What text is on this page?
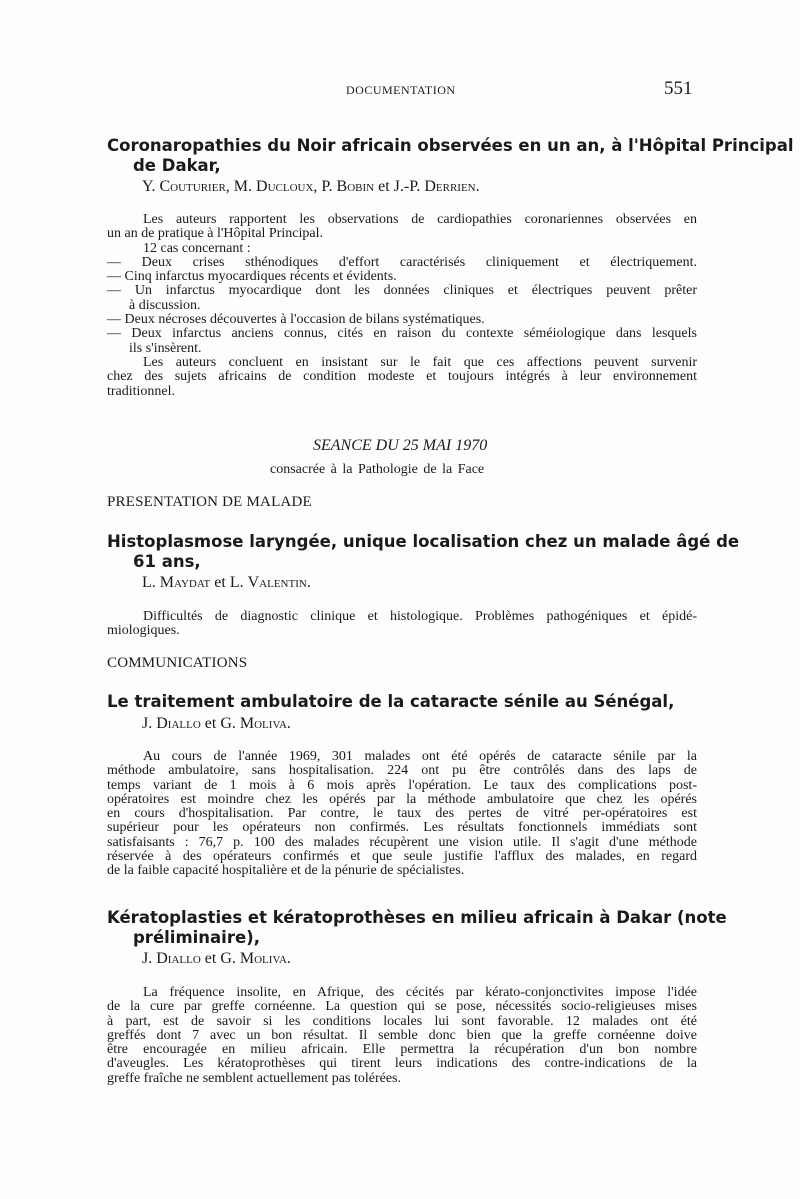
DOCUMENTATION	551
Coronaropathies du Noir africain observées en un an, à l'Hôpital Principal
de Dakar,
Y. Couturier, M. Ducloux, P. Bobin et J.-P. Derrien.
Les auteurs rapportent les observations de cardiopathies coronariennes observées en
un an de pratique à l'Hôpital Principal.
12 cas concernant :
— Deux crises sthénodiques d'effort caractérisés cliniquement et électriquement.
— Cinq infarctus myocardiques récents et évidents.
— Un infarctus myocardique dont les données cliniques et électriques peuvent prêter
à discussion.
— Deux nécroses découvertes à l'occasion de bilans systématiques.
— Deux infarctus anciens connus, cités en raison du contexte séméiologique dans lesquels
ils s'insèrent.
Les auteurs concluent en insistant sur le fait que ces affections peuvent survenir
chez des sujets africains de condition modeste et toujours intégrés à leur environnement
traditionnel.
SEANCE DU 25 MAI 1970
consacrée à la Pathologie de la Face
PRESENTATION DE MALADE
Histoplasmose laryngée, unique localisation chez un malade âgé de
61 ans,
L. Maydat et L. Valentin.
Difficultés de diagnostic clinique et histologique. Problèmes pathogéniques et épidé-
miologiques.
COMMUNICATIONS
Le traitement ambulatoire de la cataracte sénile au Sénégal,
J. Diallo et G. Moliva.
Au cours de l'année 1969, 301 malades ont été opérés de cataracte sénile par la
méthode ambulatoire, sans hospitalisation. 224 ont pu être contrôlés dans des laps de
temps variant de 1 mois à 6 mois après l'opération. Le taux des complications post-
opératoires est moindre chez les opérés par la méthode ambulatoire que chez les opérés
en cours d'hospitalisation. Par contre, le taux des pertes de vitré per-opératoires est
supérieur pour les opérateurs non confirmés. Les résultats fonctionnels immédiats sont
satisfaisants : 76,7 p. 100 des malades récupèrent une vision utile. Il s'agit d'une méthode
réservée à des opérateurs confirmés et que seule justifie l'afflux des malades, en regard
de la faible capacité hospitalière et de la pénurie de spécialistes.
Kératoplasties et kératoprothèses en milieu africain à Dakar (note
préliminaire),
J. Diallo et G. Moliva.
La fréquence insolite, en Afrique, des cécités par kérato-conjonctivites impose l'idée
de la cure par greffe cornéenne. La question qui se pose, nécessités socio-religieuses mises
à part, est de savoir si les conditions locales lui sont favorable. 12 malades ont été
greffés dont 7 avec un bon résultat. Il semble donc bien que la greffe cornéenne doive
être encouragée en milieu africain. Elle permettra la récupération d'un bon nombre
d'aveugles. Les kératoprothèses qui tirent leurs indications des contre-indications de la
greffe fraîche ne semblent actuellement pas tolérées.
